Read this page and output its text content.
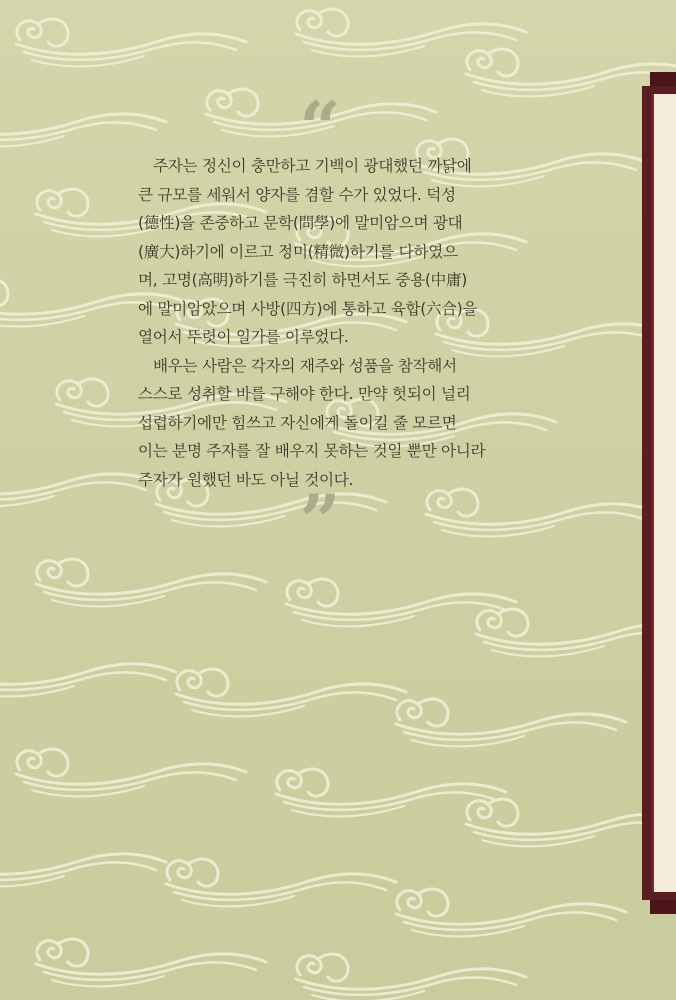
“
주자는 정신이 충만하고 기백이 광대했던 까닭에
큰 규모를 세워서 양자를 겸할 수가 있었다. 덕성
(德性)을 존중하고 문학(問學)에 말미암으며 광대
(廣大)하기에 이르고 정미(精微)하기를 다하였으
며, 고명(高明)하기를 극진히 하면서도 중용(中庸)
에 말미암았으며 사방(四方)에 통하고 육합(六合)을
열어서 뚜렷이 일가를 이루었다.
배우는 사람은 각자의 재주와 성품을 참작해서
스스로 성취할 바를 구해야 한다. 만약 헛되이 널리
섭렵하기에만 힘쓰고 자신에게 돌이킬 줄 모르면
이는 분명 주자를 잘 배우지 못하는 것일 뿐만 아니라
주자가 원했던 바도 아닐 것이다.
”
